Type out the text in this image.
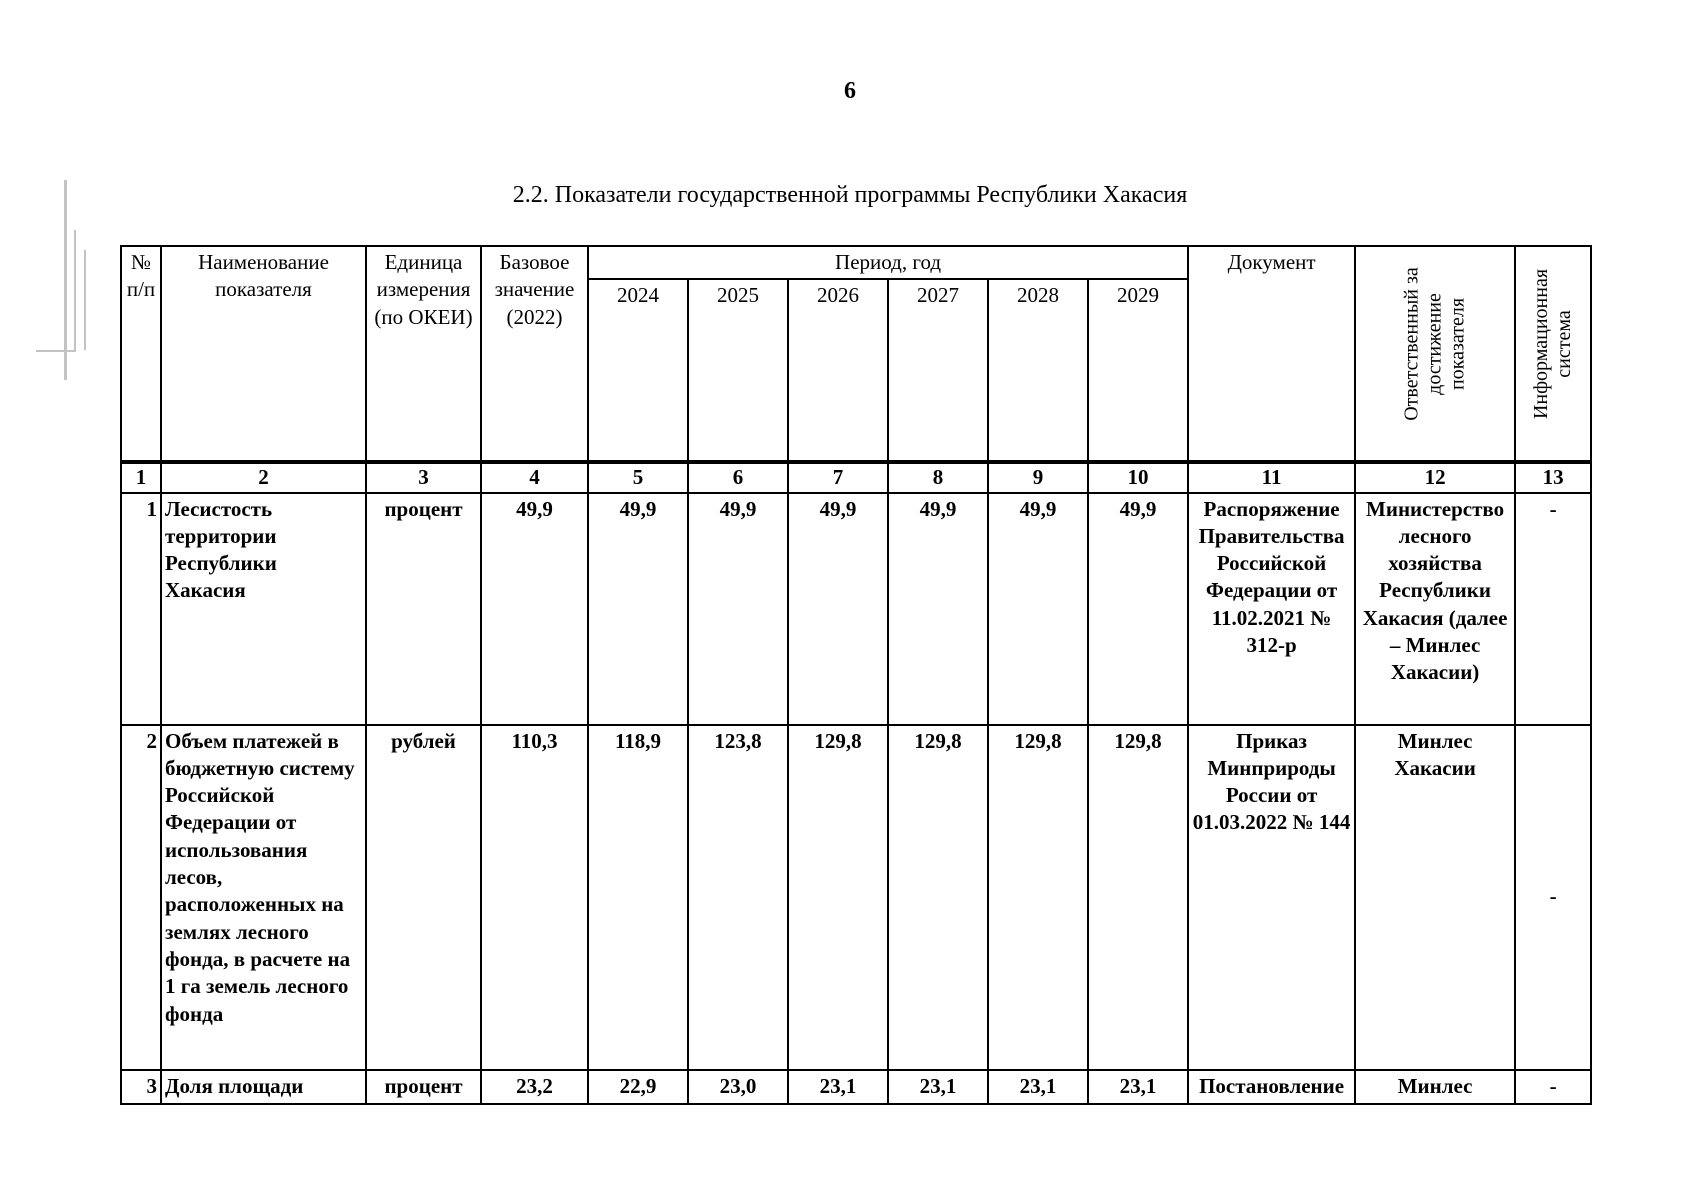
6
2.2. Показатели государственной программы Республики Хакасия
№ п/п	Наименование показателя	Единица измерения (по ОКЕИ)	Базовое значение (2022)	Период, год						Документ	Ответственный за достижение показателя	Информационная система

				2024	2025	2026	2027	2028	2029			
1	2	3	4	5	6	7	8	9	10	11	12	13
1	Лесистость территории Республики Хакасия	процент	49,9	49,9	49,9	49,9	49,9	49,9	49,9	Распоряжение Правительства Российской Федерации от 11.02.2021 № 312-р	Министерство лесного хозяйства Республики Хакасия (далее – Минлес Хакасии)	-
2	Объем платежей в бюджетную систему Российской Федерации от использования лесов, расположенных на землях лесного фонда, в расчете на 1 га земель лесного фонда	рублей	110,3	118,9	123,8	129,8	129,8	129,8	129,8	Приказ Минприроды России от 01.03.2022 № 144	Минлес Хакасии	-
3	Доля площади	процент	23,2	22,9	23,0	23,1	23,1	23,1	23,1	Постановление	Минлес	-
